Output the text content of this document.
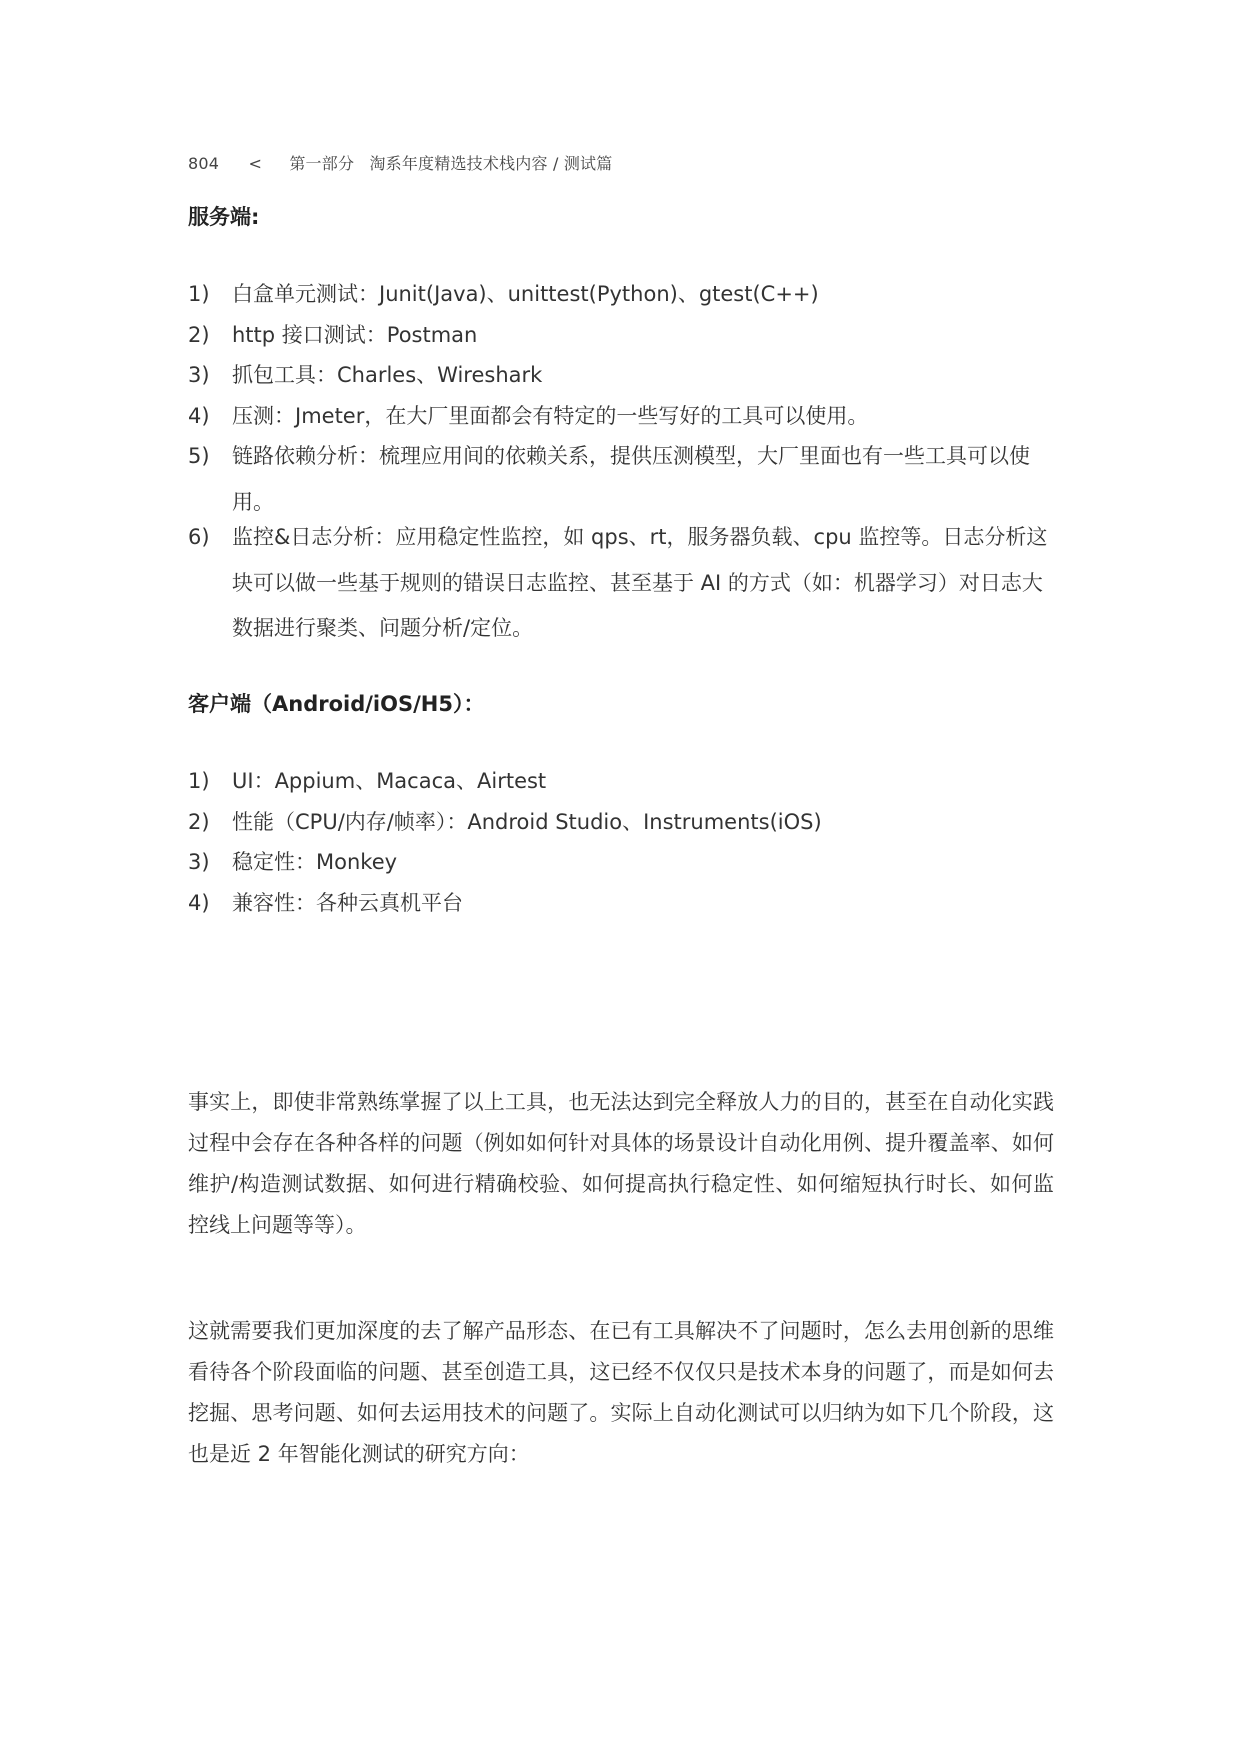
804 < 第一部分 淘系年度精选技术栈内容 / 测试篇
服务端:
1) 白盒单元测试：Junit(Java)、unittest(Python)、gtest(C++)
2) http 接口测试：Postman
3) 抓包工具：Charles、Wireshark
4) 压测：Jmeter，在大厂里面都会有特定的一些写好的工具可以使用。
5) 链路依赖分析：梳理应用间的依赖关系，提供压测模型，大厂里面也有一些工具可以使用。
6) 监控&日志分析：应用稳定性监控，如 qps、rt，服务器负载、cpu 监控等。日志分析这块可以做一些基于规则的错误日志监控、甚至基于 AI 的方式（如：机器学习）对日志大数据进行聚类、问题分析/定位。
客户端（Android/iOS/H5）：
1) UI：Appium、Macaca、Airtest
2) 性能（CPU/内存/帧率）：Android Studio、Instruments(iOS)
3) 稳定性：Monkey
4) 兼容性：各种云真机平台

事实上，即使非常熟练掌握了以上工具，也无法达到完全释放人力的目的，甚至在自动化实践过程中会存在各种各样的问题（例如如何针对具体的场景设计自动化用例、提升覆盖率、如何维护/构造测试数据、如何进行精确校验、如何提高执行稳定性、如何缩短执行时长、如何监控线上问题等等）。

这就需要我们更加深度的去了解产品形态、在已有工具解决不了问题时，怎么去用创新的思维看待各个阶段面临的问题、甚至创造工具，这已经不仅仅只是技术本身的问题了，而是如何去挖掘、思考问题、如何去运用技术的问题了。实际上自动化测试可以归纳为如下几个阶段，这也是近 2 年智能化测试的研究方向：
